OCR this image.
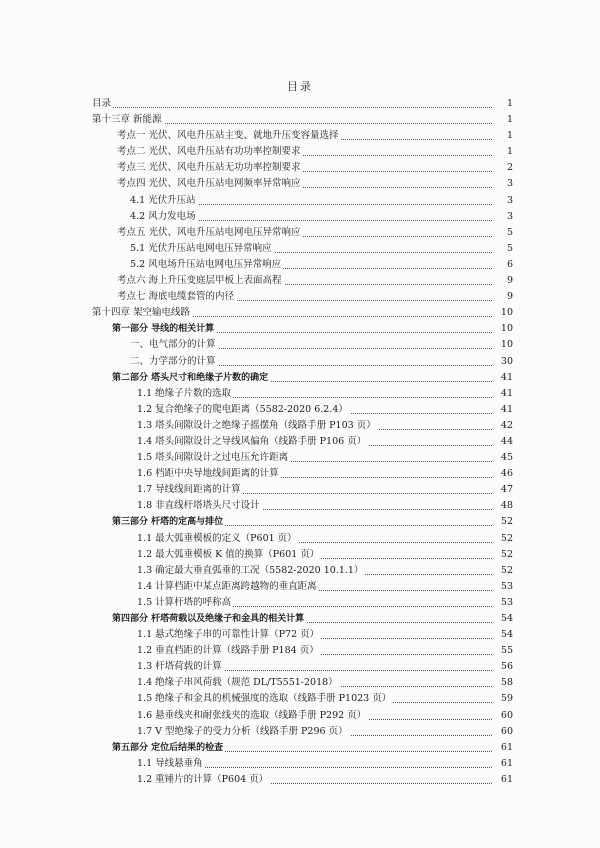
目录
目录	1
第十三章 新能源	1
考点一 光伏、风电升压站主变、就地升压变容量选择	1
考点二 光伏、风电升压站有功功率控制要求	1
考点三 光伏、风电升压站无功功率控制要求	2
考点四 光伏、风电升压站电网频率异常响应	3
4.1 光伏升压站	3
4.2 风力发电场	3
考点五 光伏、风电升压站电网电压异常响应	5
5.1 光伏升压站电网电压异常响应	5
5.2 风电场升压站电网电压异常响应	6
考点六 海上升压变庭层甲板上表面高程	9
考点七 海底电缆套管的内径	9
第十四章 架空输电线路	10
第一部分 导线的相关计算	10
一、电气部分的计算	10
二、力学部分的计算	30
第二部分 塔头尺寸和绝缘子片数的确定	41
1.1 绝缘子片数的选取	41
1.2 复合绝缘子的爬电距离（5582-2020 6.2.4）	41
1.3 塔头间隙设计之绝缘子摇摆角（线路手册 P103 页）	42
1.4 塔头间隙设计之导线风偏角（线路手册 P106 页）	44
1.5 塔头间隙设计之过电压允许距离	45
1.6 档距中央导地线间距离的计算	46
1.7 导线线间距离的计算	47
1.8 非直线杆塔塔头尺寸设计	48
第三部分 杆塔的定高与排位	52
1.1 最大弧垂模板的定义（P601 页）	52
1.2 最大弧垂模板 K 值的换算（P601 页）	52
1.3 确定最大垂直弧垂的工况（5582-2020 10.1.1）	52
1.4 计算档距中某点距离跨越物的垂直距离	53
1.5 计算杆塔的呼称高	53
第四部分 杆塔荷载以及绝缘子和金具的相关计算	54
1.1 悬式绝缘子串的可靠性计算（P72 页）	54
1.2 垂直档距的计算（线路手册 P184 页）	55
1.3 杆塔荷载的计算	56
1.4 绝缘子串风荷载（规范 DL/T5551-2018）	58
1.5 绝缘子和金具的机械强度的选取（线路手册 P1023 页）	59
1.6 悬垂线夹和耐张线夹的选取（线路手册 P292 页）	60
1.7 V 型绝缘子的受力分析（线路手册 P296 页）	60
第五部分 定位后结果的检查	61
1.1 导线悬垂角	61
1.2 重锤片的计算（P604 页）	61
